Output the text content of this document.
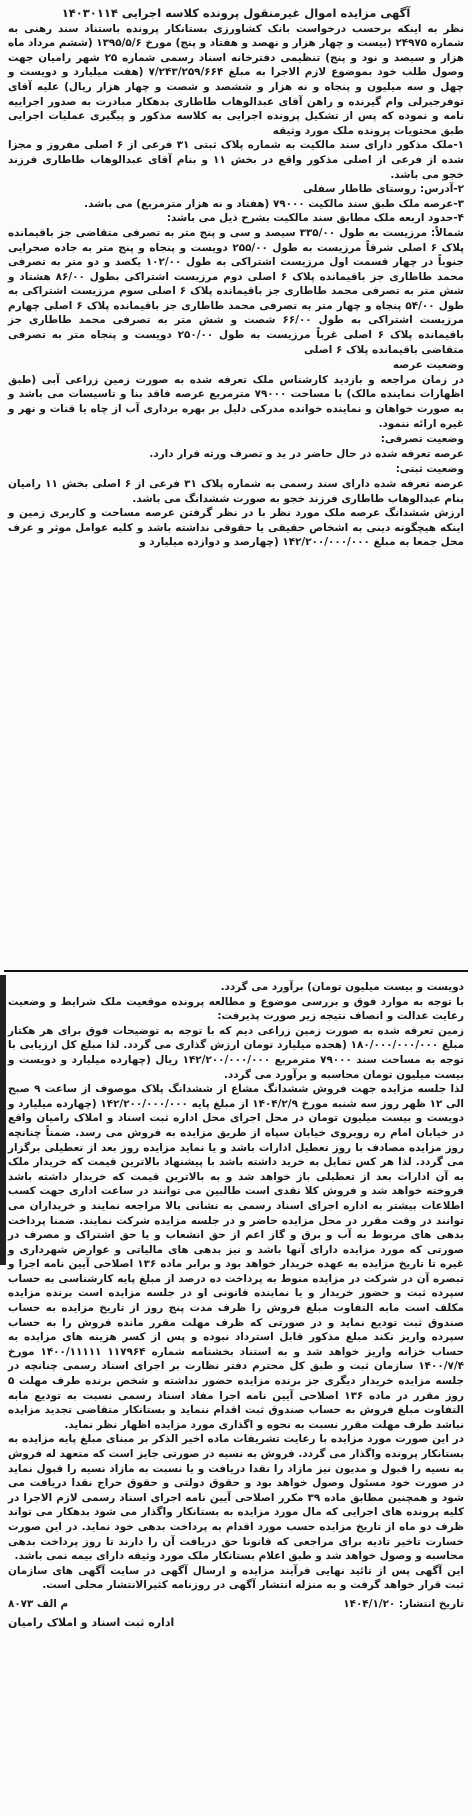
آگهی مزایده اموال غیرمنقول پرونده کلاسه اجرایی ۱۴۰۳۰۱۱۴

نظر به اینکه برحسب درخواست بانک کشاورزی بستانکار پرونده باستناد سند رهنی به شماره ۲۴۹۷۵ (بیست و چهار هزار و نهصد و هفتاد و پنج) مورخ ۱۳۹۵/۵/۶ (ششم مرداد ماه هزار و سیصد و نود و پنج) تنظیمی دفترخانه اسناد رسمی شماره ۲۵ شهر رامیان جهت وصول طلب خود بموضوع لازم الاجرا به مبلغ ۷/۲۴۳/۲۵۹/۶۶۴ (هفت میلیارد و دویست و چهل و سه میلیون و پنجاه و نه هزار و ششصد و شصت و چهار هزار ریال) علیه آقای توفرجیرلی وام گیرنده و راهن آقای عبدالوهاب طاطاری بدهکار مبادرت به صدور اجراییه نامه و نموده که پس از تشکیل پرونده اجرایی به کلاسه مذکور و پیگیری عملیات اجرایی طبق محتویات پرونده ملک مورد وثیقه

۱-ملک مذکور دارای سند مالکیت به شماره پلاک ثبتی ۳۱ فرعی از ۶ اصلی مفروز و مجزا شده از فرعی از اصلی مذکور واقع در بخش ۱۱ و بنام آقای عبدالوهاب طاطاری فرزند خجو می باشد.

۲-آدرس: روستای طاطار سفلی

۳-عرصه ملک طبق سند مالکیت ۷۹۰۰۰ (هفتاد و نه هزار مترمربع) می باشد.

۴-حدود اربعه ملک مطابق سند مالکیت بشرح ذیل می باشد:

شمالاً: مرزیست به طول ۳۳۵/۰۰ سیصد و سی و پنج متر به تصرفی متقاضی جز باقیمانده پلاک ۶ اصلی شرقاً مرزیست به طول ۲۵۵/۰۰ دویست و پنجاه و پنج متر به جاده صحرایی جنوباً در چهار قسمت اول مرزیست اشتراکی به طول ۱۰۲/۰۰ یکصد و دو متر به تصرفی محمد طاطاری جز باقیمانده پلاک ۶ اصلی دوم مرزیست اشتراکی بطول ۸۶/۰۰ هشتاد و شش متر به تصرفی محمد طاطاری جز باقیمانده پلاک ۶ اصلی سوم مرزیست اشتراکی به طول ۵۴/۰۰ پنجاه و چهار متر به تصرفی محمد طاطاری جز باقیمانده پلاک ۶ اصلی چهارم مرزیست اشتراکی به طول ۶۶/۰۰ شصت و شش متر به تصرفی محمد طاطاری جز باقیمانده پلاک ۶ اصلی غرباً مرزیست به طول ۲۵۰/۰۰ دویست و پنجاه متر به تصرفی متقاضی باقیمانده پلاک ۶ اصلی

وضعیت عرصه

در زمان مراجعه و بازدید کارشناس ملک تعرفه شده به صورت زمین زراعی آبی (طبق اظهارات نماینده مالک) با مساحت ۷۹۰۰۰ مترمربع عرصه فاقد بنا و تاسیسات می باشد و به صورت خواهان و نماینده خوانده مدرکی دلیل بر بهره برداری آب از چاه یا قنات و نهر و غیره ارائه ننمود.

وضعیت تصرفی:

عرصه تعرفه شده در حال حاضر در ید و تصرف ورثه قرار دارد.

وضعیت ثبتی:

عرصه تعرفه شده دارای سند رسمی به شماره پلاک ۳۱ فرعی از ۶ اصلی بخش ۱۱ رامیان بنام عبدالوهاب طاطاری فرزند خجو به صورت ششدانگ می باشد.

ارزش ششدانگ عرصه ملک مورد نظر با در نظر گرفتن عرصه مساحت و کاربری زمین و اینکه هیچگونه دینی به اشخاص حقیقی یا حقوقی نداشته باشد و کلیه عوامل موثر و عرف محل جمعا به مبلغ ۱۴۲/۲۰۰/۰۰۰/۰۰۰ (چهارصد و دوازده میلیارد و

دویست و بیست میلیون تومان) برآورد می گردد.

با توجه به موارد فوق و بررسی موضوع و مطالعه پرونده موقعیت ملک شرایط و وضعیت رعایت عدالت و انصاف نتیجه زیر صورت پذیرفت:

زمین تعرفه شده به صورت زمین زراعی دیم که با توجه به توضیحات فوق برای هر هکتار مبلغ ۱۸۰/۰۰۰/۰۰۰/۰۰۰ (هجده میلیارد تومان ارزش گذاری می گردد. لذا مبلغ کل ارزیابی با توجه به مساحت سند ۷۹۰۰۰ مترمربع ۱۴۲/۲۰۰/۰۰۰/۰۰۰ ریال (چهارده میلیارد و دویست و بیست میلیون تومان محاسبه و برآورد می گردد.

لذا جلسه مزایده جهت فروش ششدانگ مشاع از ششدانگ پلاک موصوف از ساعت ۹ صبح الی ۱۲ ظهر روز سه شنبه مورخ ۱۴۰۴/۲/۹ از مبلغ پایه ۱۴۲/۲۰۰/۰۰۰/۰۰۰ (چهارده میلیارد و دویست و بیست میلیون تومان در محل اجرای محل اداره ثبت اسناد و املاک رامیان واقع در خیابان امام ره روبروی خیابان سپاه از طریق مزایده به فروش می رسد. ضمناً چنانچه روز مزایده مصادف با روز تعطیل ادارات باشد و یا نماید مزایده روز بعد از تعطیلی برگزار می گردد. لذا هر کس تمایل به خرید داشته باشد با پیشنهاد بالاترین قیمت که خریدار ملک به آن ادارات بعد از تعطیلی باز خواهد شد و به بالاترین قیمت که خریدار داشته باشد فروخته خواهد شد و فروش کلا نقدی است طالبین می توانند در ساعت اداری جهت کسب اطلاعات بیشتر به اداره اجرای اسناد رسمی به نشانی بالا مراجعه نمایند و خریداران می توانند در وقت مقرر در محل مزایده حاضر و در جلسه مزایده شرکت نمایند. ضمنا پرداخت بدهی های مربوط به آب و برق و گاز اعم از حق انشعاب و یا حق اشتراک و مصرف در صورتی که مورد مزایده دارای آنها باشد و نیز بدهی های مالیاتی و عوارض شهرداری و غیره تا تاریخ مزایده به عهده خریدار خواهد بود و برابر ماده ۱۳۶ اصلاحی آیین نامه اجرا و تبصره آن در شرکت در مزایده منوط به پرداخت ده درصد از مبلغ پایه کارشناسی به حساب سپرده ثبت و حضور خریدار و یا نماینده قانونی او در جلسه مزایده است برنده مزایده مکلف است مابه التفاوت مبلغ فروش را ظرف مدت پنج روز از تاریخ مزایده به حساب صندوق ثبت تودیع نماید و در صورتی که ظرف مهلت مقرر مانده فروش را به حساب سپرده واریز نکند مبلغ مذکور قابل استرداد نبوده و پس از کسر هزینه های مزایده به حساب خزانه واریز خواهد شد و به استناد بخشنامه شماره ۱۱۷۹۶۴ ۱۴۰۰/۱۱۱۱۱ مورخ ۱۴۰۰/۷/۴ سازمان ثبت و طبق کل محترم دفتر نظارت بر اجرای اسناد رسمی چنانچه در جلسه مزایده خریدار دیگری جز برنده مزایده حضور نداشته و شخص برنده طرف مهلت ۵ روز مقرر در ماده ۱۳۶ اصلاحی آیین نامه اجرا مفاد اسناد رسمی نسبت به تودیع مابه التفاوت مبلغ فروش به حساب صندوق ثبت اقدام ننماید و بستانکار متقاضی تجدید مزایده نباشد طرف مهلت مقرر نسبت به نحوه و اگذاری مورد مزایده اظهار نظر نماید.

در این صورت مورد مزایده با رعایت تشریفات ماده اخیر الذکر بر مبنای مبلغ پایه مزایده به بستانکار پرونده واگذار می گردد. فروش به نسیه در صورتی جایز است که متعهد له فروش به نسیه را قبول و مدیون نیز مازاد را نقدا دریافت و یا نسبت به مازاد نسیه را قبول نماید در صورت خود مسئول وصول خواهد بود و حقوق دولتی و حقوق حراج نقدا دریافت می شود و همچنین مطابق ماده ۳۹ مکرر اصلاحی آیین نامه اجرای اسناد رسمی لازم الاجرا در کلیه پرونده های اجرایی که مال مورد مزایده به بستانکار واگذار می شود بدهکار می تواند ظرف دو ماه از تاریخ مزایده حسب مورد اقدام به پرداخت بدهی خود نماید. در این صورت خسارت تاخیر تادیه برای مراجعی که قانونا حق دریافت آن را دارند تا روز پرداخت بدهی محاسبه و وصول خواهد شد و طبق اعلام بستانکار ملک مورد وثیقه دارای بیمه نمی باشد.

این آگهی پس از تائید نهایی فرآیند مزایده و ارسال آگهی در سایت آگهی های سازمان ثبت قرار خواهد گرفت و به منزله انتشار آگهی در روزنامه کثیرالانتشار محلی است.

تاریخ انتشار: ۱۴۰۴/۱/۲۰
م الف ۸۰۷۳
اداره ثبت اسناد و املاک رامیان
